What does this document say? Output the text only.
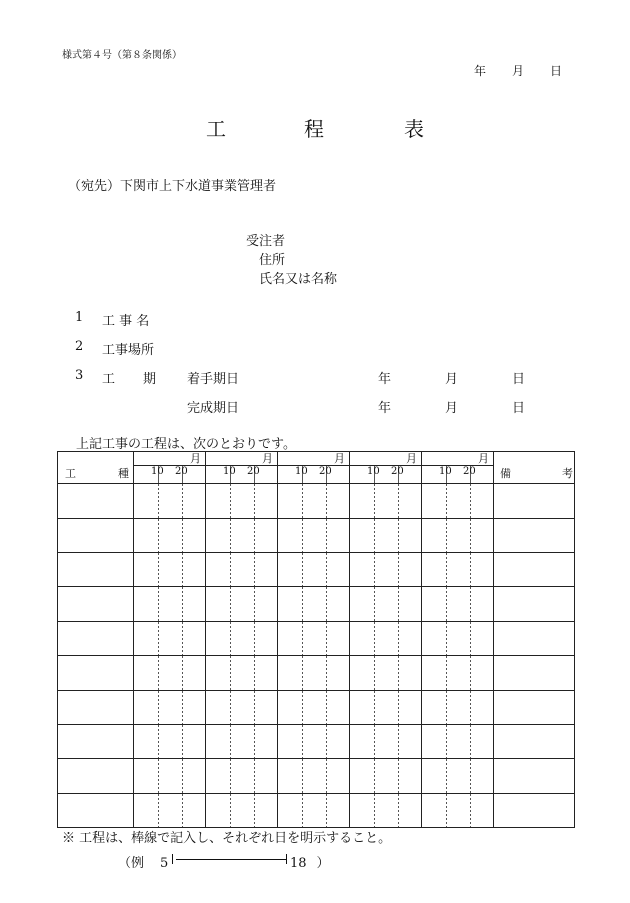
様式第４号（第８条関係）
年 月 日
工	程	表
（宛先）下関市上下水道事業管理者
受注者
住所
氏名又は名称
1 工 事 名
2 工事場所
3 工 期 着手期日	年	月	日
完成期日	年	月	日
上記工事の工程は、次のとおりです。
工 種	月	月	月	月	月	備 考

	10 20	10 20	10 20	10 20	10 20	

※ 工程は、棒線で記入し、それぞれ日を明示すること。
（例 5	18 ）
